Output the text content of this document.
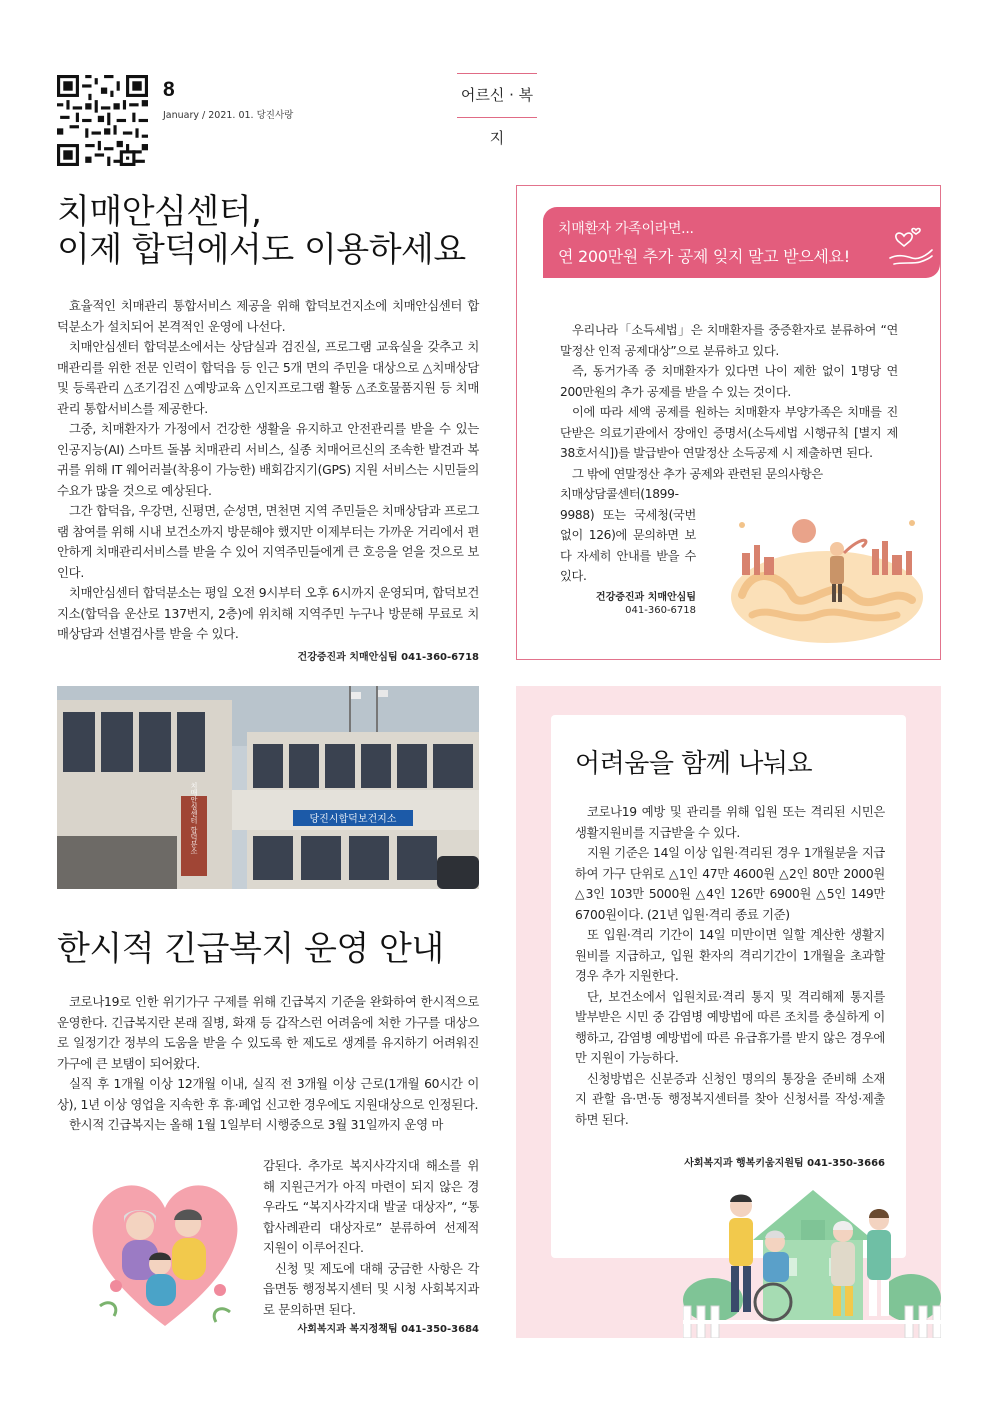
8
January / 2021. 01. 당진사랑
어르신 · 복지
치매안심센터,
이제 합덕에서도 이용하세요

효율적인 치매관리 통합서비스 제공을 위해 합덕보건지소에 치매안심센터 합덕분소가 설치되어 본격적인 운영에 나선다.

치매안심센터 합덕분소에서는 상담실과 검진실, 프로그램 교육실을 갖추고 치매관리를 위한 전문 인력이 합덕읍 등 인근 5개 면의 주민을 대상으로 △치매상담 및 등록관리 △조기검진 △예방교육 △인지프로그램 활동 △조호물품지원 등 치매관리 통합서비스를 제공한다.

그중, 치매환자가 가정에서 건강한 생활을 유지하고 안전관리를 받을 수 있는 인공지능(AI) 스마트 돌봄 치매관리 서비스, 실종 치매어르신의 조속한 발견과 복귀를 위해 IT 웨어러블(착용이 가능한) 배회감지기(GPS) 지원 서비스는 시민들의 수요가 많을 것으로 예상된다.

그간 합덕읍, 우강면, 신평면, 순성면, 면천면 지역 주민들은 치매상담과 프로그램 참여를 위해 시내 보건소까지 방문해야 했지만 이제부터는 가까운 거리에서 편안하게 치매관리서비스를 받을 수 있어 지역주민들에게 큰 호응을 얻을 것으로 보인다.

치매안심센터 합덕분소는 평일 오전 9시부터 오후 6시까지 운영되며, 합덕보건지소(합덕읍 운산로 137번지, 2층)에 위치해 지역주민 누구나 방문해 무료로 치매상담과 선별검사를 받을 수 있다.

건강증진과 치매안심팀 041-360-6718
치매환자 가족이라면...
연 200만원 추가 공제 잊지 말고 받으세요!

우리나라「소득세법」은 치매환자를 중증환자로 분류하여 “연말정산 인적 공제대상”으로 분류하고 있다.

즉, 동거가족 중 치매환자가 있다면 나이 제한 없이 1명당 연 200만원의 추가 공제를 받을 수 있는 것이다.

이에 따라 세액 공제를 원하는 치매환자 부양가족은 치매를 진단받은 의료기관에서 장애인 증명서(소득세법 시행규칙 [별지 제38호서식])를 발급받아 연말정산 소득공제 시 제출하면 된다.

그 밖에 연말정산 추가 공제와 관련된 문의사항은

치매상담콜센터(1899-9988) 또는 국세청(국번 없이 126)에 문의하면 보다 자세히 안내를 받을 수 있다.

건강증진과 치매안심팀
041-360-6718
당진시합덕보건지소
치매안심센터 합덕분소
한시적 긴급복지 운영 안내

코로나19로 인한 위기가구 구제를 위해 긴급복지 기준을 완화하여 한시적으로 운영한다. 긴급복지란 본래 질병, 화재 등 갑작스런 어려움에 처한 가구를 대상으로 일정기간 정부의 도움을 받을 수 있도록 한 제도로 생계를 유지하기 어려워진 가구에 큰 보탬이 되어왔다.

실직 후 1개월 이상 12개월 이내, 실직 전 3개월 이상 근로(1개월 60시간 이상), 1년 이상 영업을 지속한 후 휴·폐업 신고한 경우에도 지원대상으로 인정된다.

한시적 긴급복지는 올해 1월 1일부터 시행중으로 3월 31일까지 운영 마

감된다. 추가로 복지사각지대 해소를 위해 지원근거가 아직 마련이 되지 않은 경우라도 “복지사각지대 발굴 대상자”, “통합사례관리 대상자로” 분류하여 선제적 지원이 이루어진다.

신청 및 제도에 대해 궁금한 사항은 각 읍면동 행정복지센터 및 시청 사회복지과로 문의하면 된다.

사회복지과 복지정책팀 041-350-3684
어려움을 함께 나눠요

코로나19 예방 및 관리를 위해 입원 또는 격리된 시민은 생활지원비를 지급받을 수 있다.

지원 기준은 14일 이상 입원·격리된 경우 1개월분을 지급하여 가구 단위로 △1인 47만 4600원 △2인 80만 2000원 △3인 103만 5000원 △4인 126만 6900원 △5인 149만 6700원이다. (21년 입원·격리 종료 기준)

또 입원·격리 기간이 14일 미만이면 일할 계산한 생활지원비를 지급하고, 입원 환자의 격리기간이 1개월을 초과할 경우 추가 지원한다.

단, 보건소에서 입원치료·격리 통지 및 격리해제 통지를 발부받은 시민 중 감염병 예방법에 따른 조치를 충실하게 이행하고, 감염병 예방법에 따른 유급휴가를 받지 않은 경우에만 지원이 가능하다.

신청방법은 신분증과 신청인 명의의 통장을 준비해 소재지 관할 읍·면·동 행정복지센터를 찾아 신청서를 작성·제출하면 된다.

사회복지과 행복키움지원팀 041-350-3666
